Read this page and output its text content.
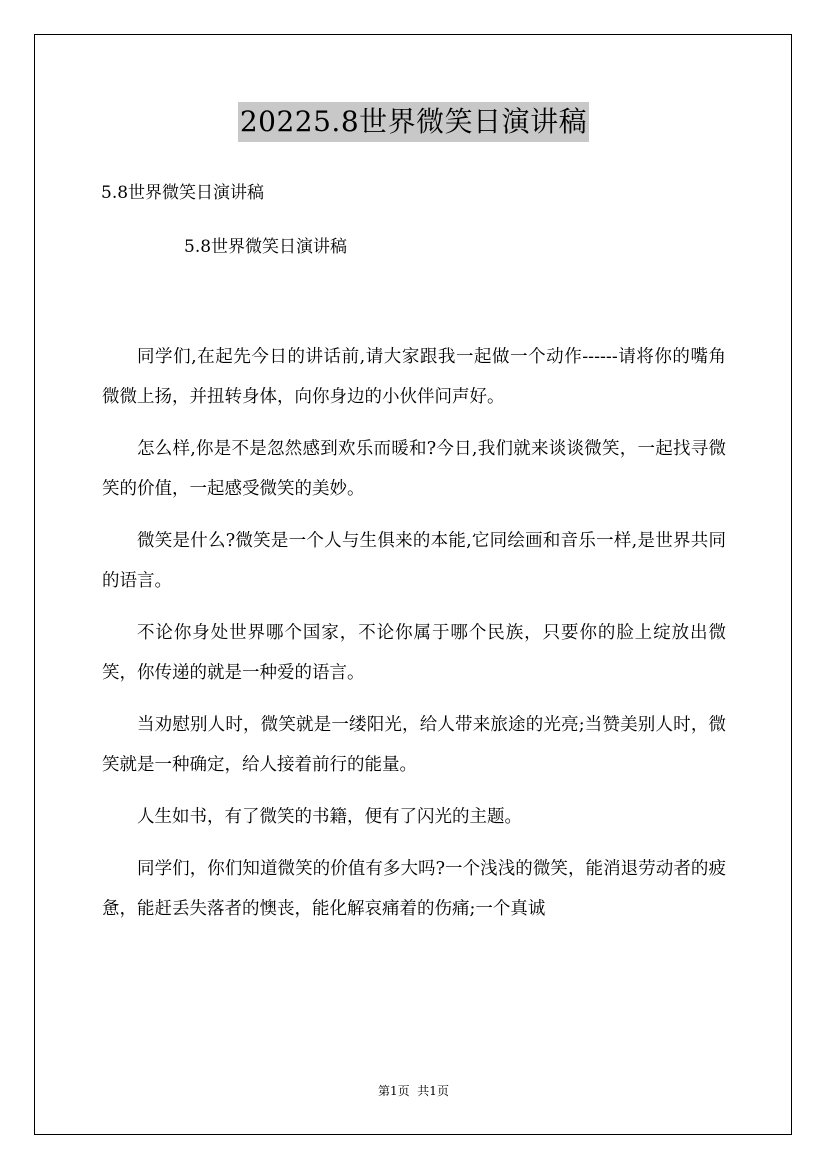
20225.8世界微笑日演讲稿
5.8世界微笑日演讲稿
5.8世界微笑日演讲稿

同学们,在起先今日的讲话前,请大家跟我一起做一个动作------请将你的嘴角微微上扬，并扭转身体，向你身边的小伙伴问声好。

怎么样,你是不是忽然感到欢乐而暖和?今日,我们就来谈谈微笑，一起找寻微笑的价值，一起感受微笑的美妙。

微笑是什么?微笑是一个人与生俱来的本能,它同绘画和音乐一样,是世界共同的语言。

不论你身处世界哪个国家，不论你属于哪个民族，只要你的脸上绽放出微笑，你传递的就是一种爱的语言。

当劝慰别人时，微笑就是一缕阳光，给人带来旅途的光亮;当赞美别人时，微笑就是一种确定，给人接着前行的能量。

人生如书，有了微笑的书籍，便有了闪光的主题。

同学们，你们知道微笑的价值有多大吗?一个浅浅的微笑，能消退劳动者的疲惫，能赶丢失落者的懊丧，能化解哀痛着的伤痛;一个真诚

第1页  共1页
